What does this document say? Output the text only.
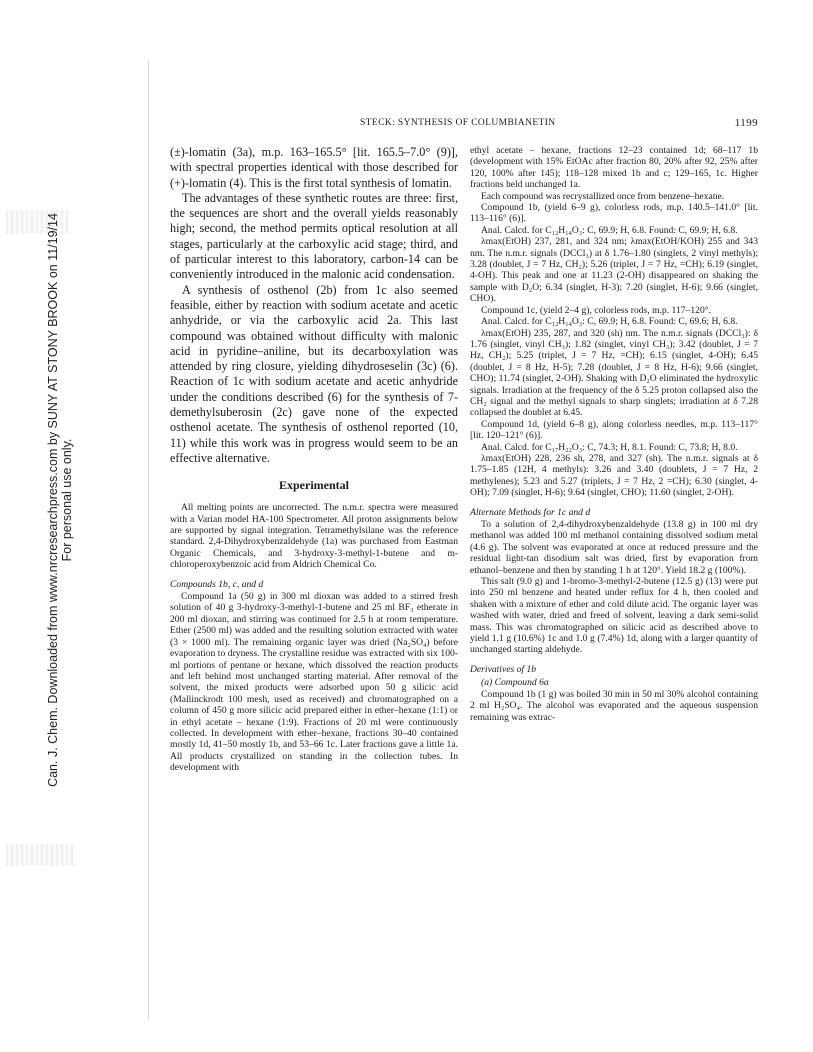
Can. J. Chem. Downloaded from www.nrcresearchpress.com by SUNY AT STONY BROOK on 11/19/14 For personal use only.
STECK: SYNTHESIS OF COLUMBIANETIN	1199

(±)-lomatin (3a), m.p. 163–165.5° [lit. 165.5–7.0° (9)], with spectral properties identical with those described for (+)-lomatin (4). This is the first total synthesis of lomatin.

The advantages of these synthetic routes are three: first, the sequences are short and the overall yields reasonably high; second, the method permits optical resolution at all stages, particularly at the carboxylic acid stage; third, and of particular interest to this laboratory, carbon-14 can be conveniently introduced in the malonic acid condensation.

A synthesis of osthenol (2b) from 1c also seemed feasible, either by reaction with sodium acetate and acetic anhydride, or via the carboxylic acid 2a. This last compound was obtained without difficulty with malonic acid in pyridine–aniline, but its decarboxylation was attended by ring closure, yielding dihydroseselin (3c) (6). Reaction of 1c with sodium acetate and acetic anhydride under the conditions described (6) for the synthesis of 7-demethylsuberosin (2c) gave none of the expected osthenol acetate. The synthesis of osthenol reported (10, 11) while this work was in progress would seem to be an effective alternative.

Experimental

All melting points are uncorrected. The n.m.r. spectra were measured with a Varian model HA-100 Spectrometer. All proton assignments below are supported by signal integration. Tetramethylsilane was the reference standard. 2,4-Dihydroxybenzaldehyde (1a) was purchased from Eastman Organic Chemicals, and 3-hydroxy-3-methyl-1-butene and m-chloroperoxybenzoic acid from Aldrich Chemical Co.

Compounds 1b, c, and d

Compound 1a (50 g) in 300 ml dioxan was added to a stirred fresh solution of 40 g 3-hydroxy-3-methyl-1-butene and 25 ml BF₃ etherate in 200 ml dioxan, and stirring was continued for 2.5 h at room temperature. Ether (2500 ml) was added and the resulting solution extracted with water (3 × 1000 ml). The remaining organic layer was dried (Na₂SO₄) before evaporation to dryness. The crystalline residue was extracted with six 100-ml portions of pentane or hexane, which dissolved the reaction products and left behind most unchanged starting material. After removal of the solvent, the mixed products were adsorbed upon 50 g silicic acid (Mallinckrodt 100 mesh, used as received) and chromatographed on a column of 450 g more silicic acid prepared either in ether–hexane (1:1) or in ethyl acetate – hexane (1:9). Fractions of 20 ml were continuously collected. In development with ether–hexane, fractions 30–40 contained mostly 1d, 41–50 mostly 1b, and 53–66 1c. Later fractions gave a little 1a. All products crystallized on standing in the collection tubes. In development with

ethyl acetate – hexane, fractions 12–23 contained 1d; 68–117 1b (development with 15% EtOAc after fraction 80, 20% after 92, 25% after 120, 100% after 145); 118–128 mixed 1b and c; 129–165, 1c. Higher fractions held unchanged 1a.

Each compound was recrystallized once from benzene–hexane.

Compound 1b, (yield 6–9 g), colorless rods, m.p. 140.5–141.0° [lit. 113–116° (6)].

Anal. Calcd. for C₁₂H₁₄O₃: C, 69.9; H, 6.8. Found: C, 69.9; H, 6.8.

λmax(EtOH) 237, 281, and 324 nm; λmax(EtOH/KOH) 255 and 343 nm. The n.m.r. signals (DCCl₃) at δ 1.76–1.80 (singlets, 2 vinyl methyls); 3.28 (doublet, J = 7 Hz, CH₂); 5.26 (triplet, J = 7 Hz, =CH); 6.19 (singlet, 4-OH). This peak and one at 11.23 (2-OH) disappeared on shaking the sample with D₂O; 6.34 (singlet, H-3); 7.20 (singlet, H-6); 9.66 (singlet, CHO).

Compound 1c, (yield 2–4 g), colorless rods, m.p. 117–120°.

Anal. Calcd. for C₁₂H₁₄O₃: C, 69.9; H, 6.8. Found: C, 69.6; H, 6.8.

λmax(EtOH) 235, 287, and 320 (sh) nm. The n.m.r. signals (DCCl₃): δ 1.76 (singlet, vinyl CH₃); 1.82 (singlet, vinyl CH₃); 3.42 (doublet, J = 7 Hz, CH₂); 5.25 (triplet, J = 7 Hz, =CH); 6.15 (singlet, 4-OH); 6.45 (doublet, J = 8 Hz, H-5); 7.28 (doublet, J = 8 Hz, H-6); 9.66 (singlet, CHO); 11.74 (singlet, 2-OH). Shaking with D₂O eliminated the hydroxylic signals. Irradiation at the frequency of the δ 5.25 proton collapsed also the CH₂ signal and the methyl signals to sharp singlets; irradiation at δ 7.28 collapsed the doublet at 6.45.

Compound 1d, (yield 6–8 g), along colorless needles, m.p. 113–117° [lit. 120–121° (6)].

Anal. Calcd. for C₁₇H₂₂O₃: C, 74.3; H, 8.1. Found: C, 73.8; H, 8.0.

λmax(EtOH) 228, 236 sh, 278, and 327 (sh). The n.m.r. signals at δ 1.75–1.85 (12H, 4 methyls): 3.26 and 3.40 (doublets, J = 7 Hz, 2 methylenes); 5.23 and 5.27 (triplets, J = 7 Hz, 2 =CH); 6.30 (singlet, 4-OH); 7.09 (singlet, H-6); 9.64 (singlet, CHO); 11.60 (singlet, 2-OH).

Alternate Methods for 1c and d

To a solution of 2,4-dihydroxybenzaldehyde (13.8 g) in 100 ml dry methanol was added 100 ml methanol containing dissolved sodium metal (4.6 g). The solvent was evaporated at once at reduced pressure and the residual light-tan disodium salt was dried, first by evaporation from ethanol–benzene and then by standing 1 h at 120°. Yield 18.2 g (100%).

This salt (9.0 g) and 1-bromo-3-methyl-2-butene (12.5 g) (13) were put into 250 ml benzene and heated under reflux for 4 h, then cooled and shaken with a mixture of ether and cold dilute acid. The organic layer was washed with water, dried and freed of solvent, leaving a dark semi-solid mass. This was chromatographed on silicic acid as described above to yield 1.1 g (10.6%) 1c and 1.0 g (7.4%) 1d, along with a larger quantity of unchanged starting aldehyde.

Derivatives of 1b
(a) Compound 6a

Compound 1b (1 g) was boiled 30 min in 50 ml 30% alcohol containing 2 ml H₂SO₄. The alcohol was evaporated and the aqueous suspension remaining was extrac-
